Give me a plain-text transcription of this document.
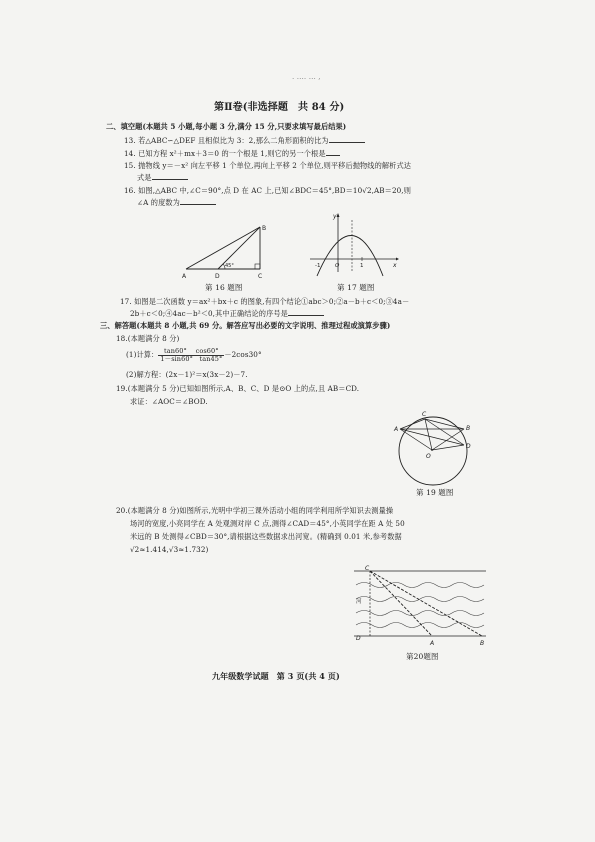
. .... ... ,
第Ⅱ卷(非选择题　共 84 分)
二、填空题(本题共 5 小题,每小题 3 分,满分 15 分,只要求填写最后结果)
13. 若△ABC∽△DEF 且相似比为 3：2,那么二角形面积的比为
14. 已知方程 x²＋mx＋3＝0 的一个根是 1,则它的另一个根是
15. 抛物线 y＝－x² 向左平移 1 个单位,再向上平移 2 个单位,则平移后抛物线的解析式达
式是
16. 如图,△ABC 中,∠C＝90°,点 D 在 AC 上,已知∠BDC＝45°,BD＝10√2,AB＝20,则
∠A 的度数为
B
A	D	C
45°
第 16 题图
y
x
O
-1	1
第 17 题图
17. 如图是二次函数 y＝ax²＋bx＋c 的图象,有四个结论①abc＞0;②a－b＋c＜0;③4a－
2b＋c＜0;④4ac－b²＜0,其中正确结论的序号是
三、解答题(本题共 8 小题,共 69 分。解答应写出必要的文字说明、推理过程或演算步骤)
18.(本题满分 8 分)
(1)计算： $\frac{\tan 60^\circ \cos 60^\circ}{1-\sin 60^\circ \tan 45^\circ} -2\cos 30^\circ$
(2)解方程：(2x－1)²＝x(3x－2)－7.
19.(本题满分 5 分)已知如图所示,A、B、C、D 是⊙O 上的点,且 AB＝CD.
求证：∠AOC＝∠BOD.
A
C
B
D
O
第 19 题图
20.(本题满分 8 分)如图所示,光明中学初三课外活动小组的同学利用所学知识去测量操
场河的宽度,小亮同学在 A 处观测对岸 C 点,测得∠CAD＝45°,小英同学在距 A 处 50
米远的 B 处测得∠CBD＝30°,请根据这些数据求出河宽。(精确到 0.01 米,参考数据
√2≈1.414,√3≈1.732)
C
河
D
A	B
第20题图
九年级数学试题　第 3 页(共 4 页)
